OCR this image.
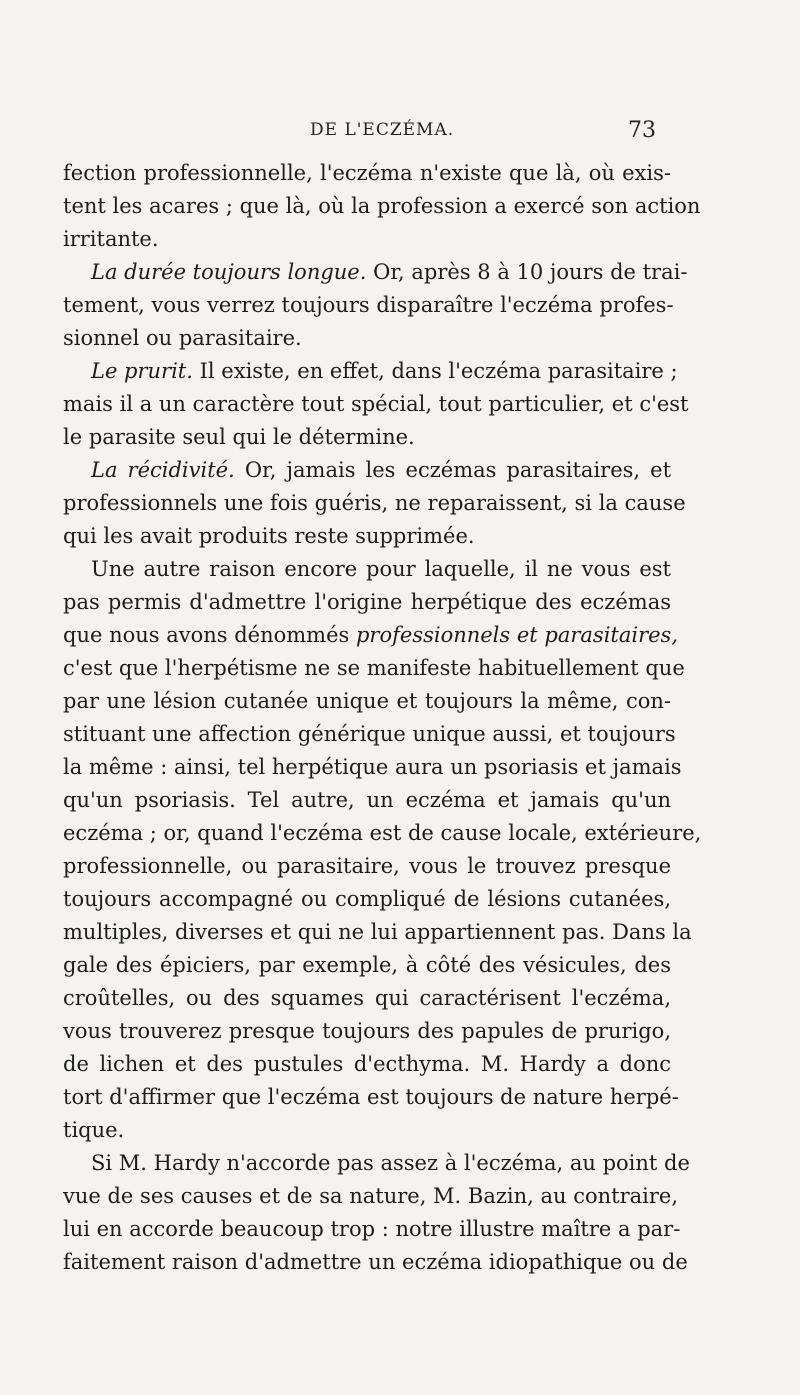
DE L'ECZÉMA.	73
fection professionnelle, l'eczéma n'existe que là, où exis-
tent les acares ; que là, où la profession a exercé son action
irritante.
La durée toujours longue. Or, après 8 à 10 jours de trai-
tement, vous verrez toujours disparaître l'eczéma profes-
sionnel ou parasitaire.
Le prurit. Il existe, en effet, dans l'eczéma parasitaire ;
mais il a un caractère tout spécial, tout particulier, et c'est
le parasite seul qui le détermine.
La récidivité. Or, jamais les eczémas parasitaires, et
professionnels une fois guéris, ne reparaissent, si la cause
qui les avait produits reste supprimée.
Une autre raison encore pour laquelle, il ne vous est
pas permis d'admettre l'origine herpétique des eczémas
que nous avons dénommés professionnels et parasitaires,
c'est que l'herpétisme ne se manifeste habituellement que
par une lésion cutanée unique et toujours la même, con-
stituant une affection générique unique aussi, et toujours
la même : ainsi, tel herpétique aura un psoriasis et jamais
qu'un psoriasis. Tel autre, un eczéma et jamais qu'un
eczéma ; or, quand l'eczéma est de cause locale, extérieure,
professionnelle, ou parasitaire, vous le trouvez presque
toujours accompagné ou compliqué de lésions cutanées,
multiples, diverses et qui ne lui appartiennent pas. Dans la
gale des épiciers, par exemple, à côté des vésicules, des
croûtelles, ou des squames qui caractérisent l'eczéma,
vous trouverez presque toujours des papules de prurigo,
de lichen et des pustules d'ecthyma. M. Hardy a donc
tort d'affirmer que l'eczéma est toujours de nature herpé-
tique.
Si M. Hardy n'accorde pas assez à l'eczéma, au point de
vue de ses causes et de sa nature, M. Bazin, au contraire,
lui en accorde beaucoup trop : notre illustre maître a par-
faitement raison d'admettre un eczéma idiopathique ou de
